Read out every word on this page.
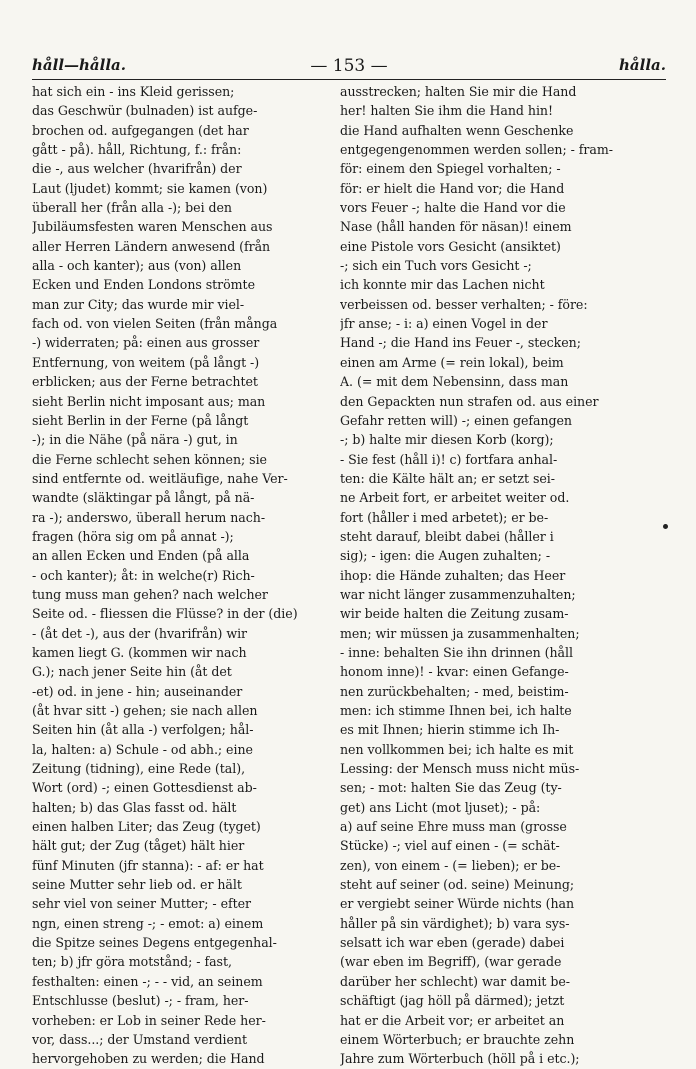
håll—hålla.	— 153 —	hålla.
hat sich ein - ins Kleid gerissen;
das Geschwür (bulnaden) ist aufge-
brochen od. aufgegangen (det har
gått - på). håll, Richtung, f.: från:
die -, aus welcher (hvarifrån) der
Laut (ljudet) kommt; sie kamen (von)
überall her (från alla -); bei den
Jubiläumsfesten waren Menschen aus
aller Herren Ländern anwesend (från
alla - och kanter); aus (von) allen
Ecken und Enden Londons strömte
man zur City; das wurde mir viel-
fach od. von vielen Seiten (från många
-) widerraten; på: einen aus grosser
Entfernung, von weitem (på långt -)
erblicken; aus der Ferne betrachtet
sieht Berlin nicht imposant aus; man
sieht Berlin in der Ferne (på långt
-); in die Nähe (på nära -) gut, in
die Ferne schlecht sehen können; sie
sind entfernte od. weitläufige, nahe Ver-
wandte (släktingar på långt, på nä-
ra -); anderswo, überall herum nach-
fragen (höra sig om på annat -);
an allen Ecken und Enden (på alla
- och kanter); åt: in welche(r) Rich-
tung muss man gehen? nach welcher
Seite od. - fliessen die Flüsse? in der (die)
- (åt det -), aus der (hvarifrån) wir
kamen liegt G. (kommen wir nach
G.); nach jener Seite hin (åt det
-et) od. in jene - hin; auseinander
(åt hvar sitt -) gehen; sie nach allen
Seiten hin (åt alla -) verfolgen; hål-
la, halten: a) Schule - od abh.; eine
Zeitung (tidning), eine Rede (tal),
Wort (ord) -; einen Gottesdienst ab-
halten; b) das Glas fasst od. hält
einen halben Liter; das Zeug (tyget)
hält gut; der Zug (tåget) hält hier
fünf Minuten (jfr stanna): - af: er hat
seine Mutter sehr lieb od. er hält
sehr viel von seiner Mutter; - efter
ngn, einen streng -; - emot: a) einem
die Spitze seines Degens entgegenhal-
ten; b) jfr göra motstånd; - fast,
festhalten: einen -; - - vid, an seinem
Entschlusse (beslut) -; - fram, her-
vorheben: er Lob in seiner Rede her-
vor, dass...; der Umstand verdient
hervorgehoben zu werden; die Hand
ausstrecken; halten Sie mir die Hand
her! halten Sie ihm die Hand hin!
die Hand aufhalten wenn Geschenke
entgegengenommen werden sollen; - fram-
för: einem den Spiegel vorhalten; -
för: er hielt die Hand vor; die Hand
vors Feuer -; halte die Hand vor die
Nase (håll handen för näsan)! einem
eine Pistole vors Gesicht (ansiktet)
-; sich ein Tuch vors Gesicht -;
ich konnte mir das Lachen nicht
verbeissen od. besser verhalten; - före:
jfr anse; - i: a) einen Vogel in der
Hand -; die Hand ins Feuer -, stecken;
einen am Arme (= rein lokal), beim
A. (= mit dem Nebensinn, dass man
den Gepackten nun strafen od. aus einer
Gefahr retten will) -; einen gefangen
-; b) halte mir diesen Korb (korg);
- Sie fest (håll i)! c) fortfara anhal-
ten: die Kälte hält an; er setzt sei-
ne Arbeit fort, er arbeitet weiter od.
fort (håller i med arbetet); er be-
steht darauf, bleibt dabei (håller i
sig); - igen: die Augen zuhalten; -
ihop: die Hände zuhalten; das Heer
war nicht länger zusammenzuhalten;
wir beide halten die Zeitung zusam-
men; wir müssen ja zusammenhalten;
- inne: behalten Sie ihn drinnen (håll
honom inne)! - kvar: einen Gefange-
nen zurückbehalten; - med, beistim-
men: ich stimme Ihnen bei, ich halte
es mit Ihnen; hierin stimme ich Ih-
nen vollkommen bei; ich halte es mit
Lessing: der Mensch muss nicht müs-
sen; - mot: halten Sie das Zeug (ty-
get) ans Licht (mot ljuset); - på:
a) auf seine Ehre muss man (grosse
Stücke) -; viel auf einen - (= schät-
zen), von einem - (= lieben); er be-
steht auf seiner (od. seine) Meinung;
er vergiebt seiner Würde nichts (han
håller på sin värdighet); b) vara sys-
selsatt ich war eben (gerade) dabei
(war eben im Begriff), (war gerade
darüber her schlecht) war damit be-
schäftigt (jag höll på därmed); jetzt
hat er die Arbeit vor; er arbeitet an
einem Wörterbuch; er brauchte zehn
Jahre zum Wörterbuch (höll på i etc.);
